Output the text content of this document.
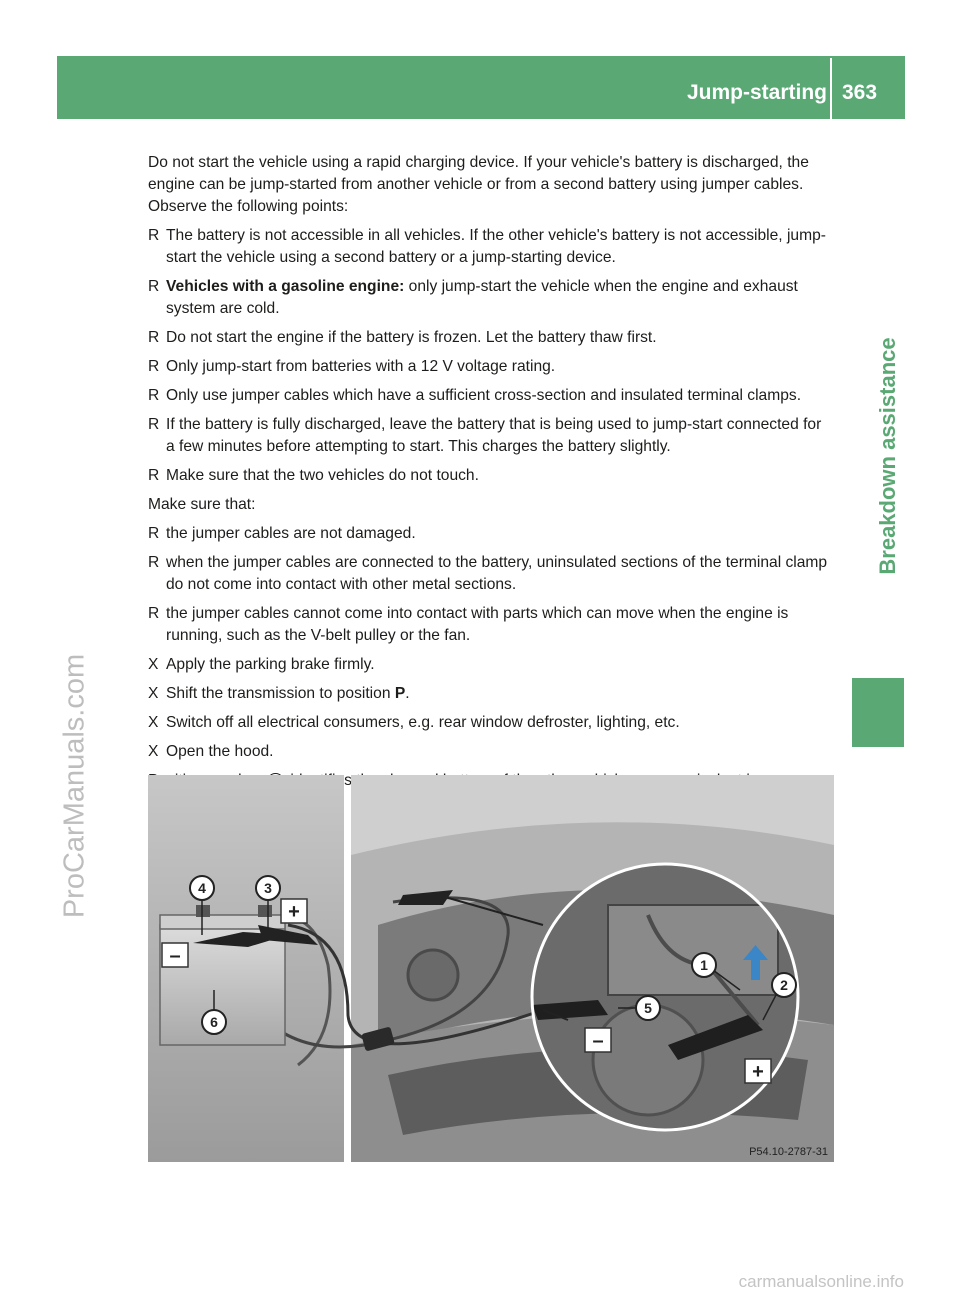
Jump-starting 363
Breakdown assistance
ProCarManuals.com
carmanualsonline.info

Do not start the vehicle using a rapid charging device. If your vehicle's battery is discharged, the engine can be jump-started from another vehicle or from a second battery using jumper cables. Observe the following points:

R The battery is not accessible in all vehicles. If the other vehicle's battery is not accessible, jump-start the vehicle using a second battery or a jump-starting device.
R Vehicles with a gasoline engine: only jump-start the vehicle when the engine and exhaust system are cold.
R Do not start the engine if the battery is frozen. Let the battery thaw first.
R Only jump-start from batteries with a 12 V voltage rating.
R Only use jumper cables which have a sufficient cross-section and insulated terminal clamps.
R If the battery is fully discharged, leave the battery that is being used to jump-start connected for a few minutes before attempting to start. This charges the battery slightly.
R Make sure that the two vehicles do not touch.

Make sure that:

R the jumper cables are not damaged.
R when the jumper cables are connected to the battery, uninsulated sections of the terminal clamp do not come into contact with other metal sections.
R the jumper cables cannot come into contact with parts which can move when the engine is running, such as the V-belt pulley or the fan.
X Apply the parking brake firmly.
X Shift the transmission to position P.
X Switch off all electrical consumers, e.g. rear window defroster, lighting, etc.
X Open the hood.

–
+
4	3
6
1
2
5
–
+
P54.10-2787-31
